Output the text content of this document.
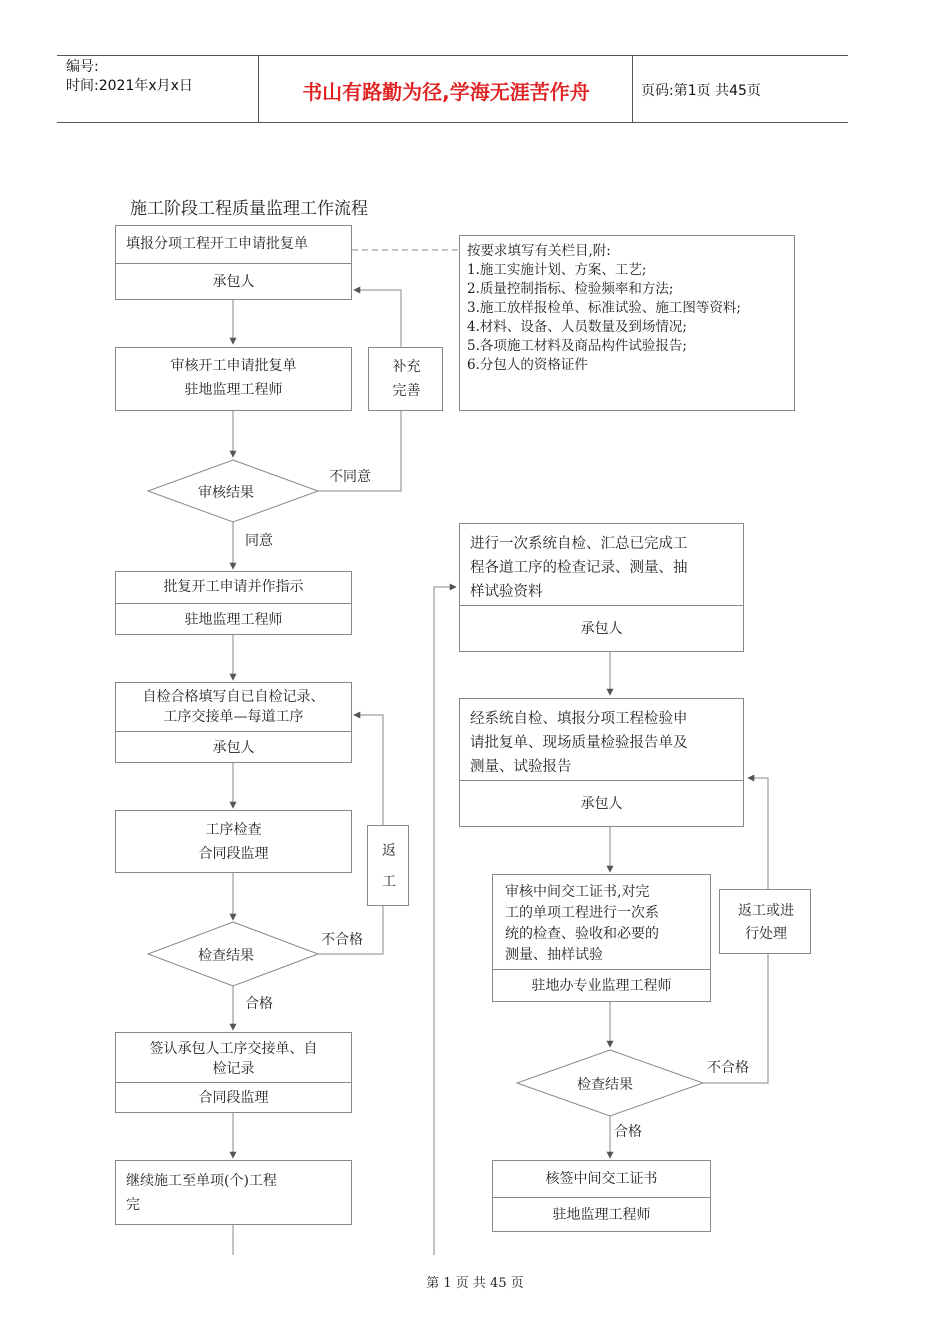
编号:
时间:2021年x月x日	书山有路勤为径,学海无涯苦作舟	页码:第1页 共45页
施工阶段工程质量监理工作流程
填报分项工程开工申请批复单
承包人
审核开工申请批复单
驻地监理工程师
补充
完善
审核结果
不同意
同意
批复开工申请并作指示
驻地监理工程师
自检合格填写自已自检记录、
工序交接单—每道工序
承包人
工序检查
合同段监理	返
工
检查结果
不合格
合格
签认承包人工序交接单、自
检记录
合同段监理
继续施工至单项(个)工程
完
按要求填写有关栏目,附:
1.施工实施计划、方案、工艺;
2.质量控制指标、检验频率和方法;
3.施工放样报检单、标准试验、施工图等资料;
4.材料、设备、人员数量及到场情况;
5.各项施工材料及商品构件试验报告;
6.分包人的资格证件
进行一次系统自检、汇总已完成工
程各道工序的检查记录、测量、抽
样试验资料
承包人
经系统自检、填报分项工程检验申
请批复单、现场质量检验报告单及
测量、试验报告
承包人
审核中间交工证书,对完
工的单项工程进行一次系
统的检查、验收和必要的
测量、抽样试验
驻地办专业监理工程师
返工或进
行处理
检查结果
不合格
合格
核签中间交工证书
驻地监理工程师
第 1 页 共 45 页
